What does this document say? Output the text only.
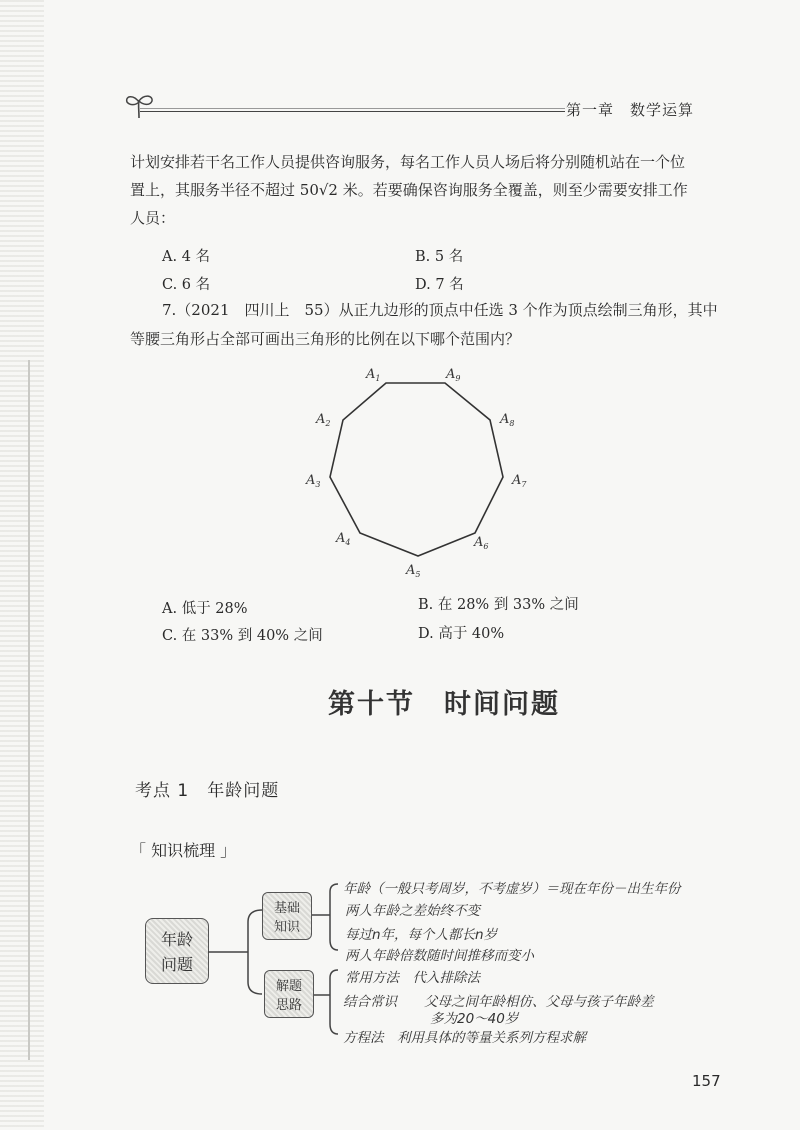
第一章　数学运算
计划安排若干名工作人员提供咨询服务，每名工作人员人场后将分别随机站在一个位
置上，其服务半径不超过 50√2 米。若要确保咨询服务全覆盖，则至少需要安排工作
人员：
A. 4 名	B. 5 名
C. 6 名	D. 7 名
7.（2021　四川上　55）从正九边形的顶点中任选 3 个作为顶点绘制三角形，其中
等腰三角形占全部可画出三角形的比例在以下哪个范围内？
$A_1$
$A_2$
$A_3$
$A_4$
$A_5$
$A_6$
$A_7$
$A_8$
$A_9$
A. 低于 28%	B. 在 28% 到 33% 之间
C. 在 33% 到 40% 之间	D. 高于 40%
第十节　时间问题
考点 1　年龄问题
「 知识梳理 」
年龄
问题
基础
知识
解题
思路
年龄（一般只考周岁，不考虚岁）＝现在年份－出生年份
两人年龄之差始终不变
每过n年，每个人都长n岁
两人年龄倍数随时间推移而变小
常用方法　代入排除法
结合常识　　父母之间年龄相仿、父母与孩子年龄差
多为20～40岁
方程法　利用具体的等量关系列方程求解
157
